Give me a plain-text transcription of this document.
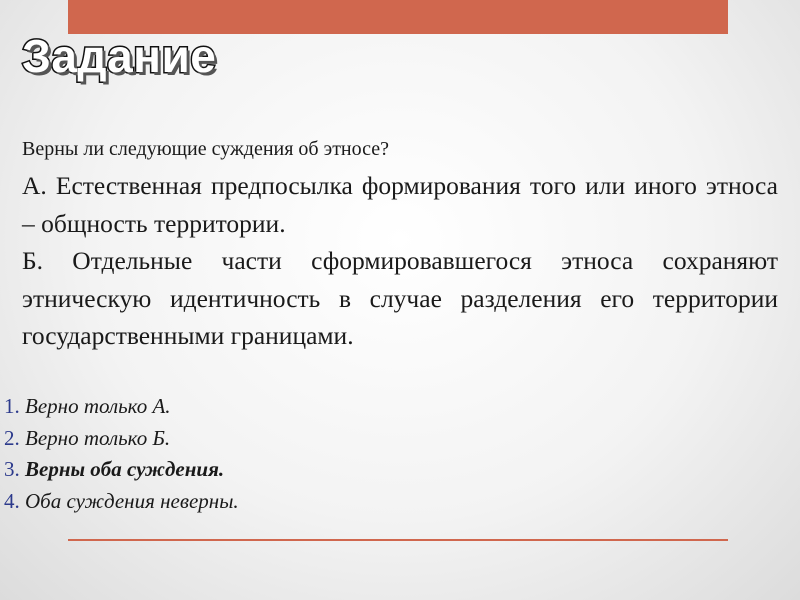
Задание

Верны ли следующие суждения об этносе?

А. Естественная предпосылка формирования того или иного этноса – общность территории.

Б. Отдельные части сформировавшегося этноса сохраняют этническую идентичность в случае разделения его территории государственными границами.

1. Верно только А.
2. Верно только Б.
3. Верны оба суждения.
4. Оба суждения неверны.
